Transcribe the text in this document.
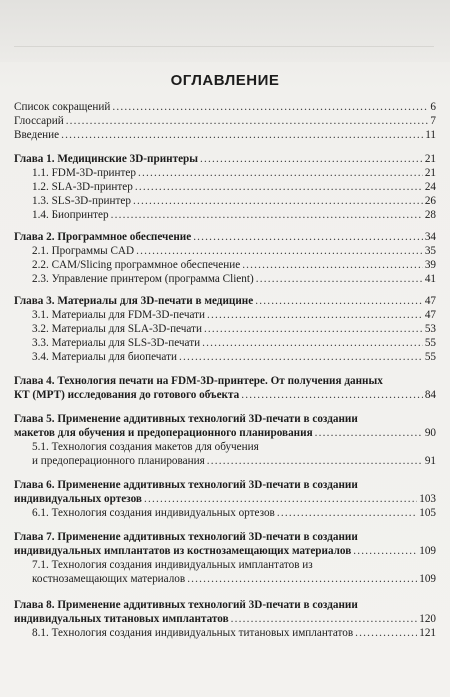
ОГЛАВЛЕНИЕ
Список сокращений .....	6
Глоссарий .....	7
Введение .....	11
Глава 1. Медицинские 3D-принтеры .....	21
1.1. FDM-3D-принтер .....	21
1.2. SLA-3D-принтер .....	24
1.3. SLS-3D-принтер .....	26
1.4. Биопринтер .....	28
Глава 2. Программное обеспечение .....	34
2.1. Программы CAD .....	35
2.2. CAM/Slicing программное обеспечение .....	39
2.3. Управление принтером (программа Client) .....	41
Глава 3. Материалы для 3D-печати в медицине .....	47
3.1. Материалы для FDM-3D-печати .....	47
3.2. Материалы для SLA-3D-печати .....	53
3.3. Материалы для SLS-3D-печати .....	55
3.4. Материалы для биопечати .....	55
Глава 4. Технология печати на FDM-3D-принтере. От получения данных
КТ (МРТ) исследования до готового объекта .....	84
Глава 5. Применение аддитивных технологий 3D-печати в создании
макетов для обучения и предоперационного планирования .....	90
5.1. Технология создания макетов для обучения
и предоперационного планирования .....	91
Глава 6. Применение аддитивных технологий 3D-печати в создании
индивидуальных ортезов .....	103
6.1. Технология создания индивидуальных ортезов .....	105
Глава 7. Применение аддитивных технологий 3D-печати в создании
индивидуальных имплантатов из костнозамещающих материалов .....	109
7.1. Технология создания индивидуальных имплантатов из
костнозамещающих материалов .....	109
Глава 8. Применение аддитивных технологий 3D-печати в создании
индивидуальных титановых имплантатов .....	120
8.1. Технология создания индивидуальных титановых имплантатов .....	121
